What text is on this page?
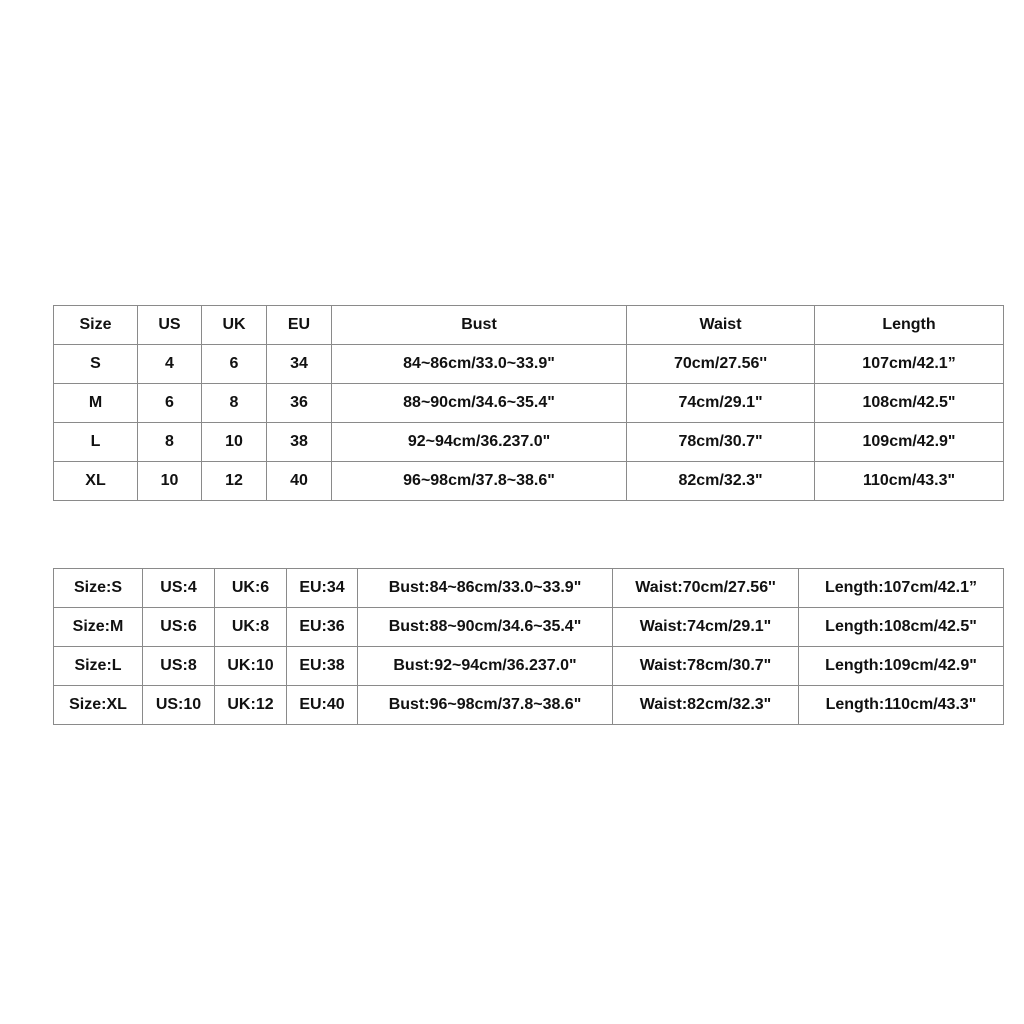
Size	US	UK	EU	Bust	Waist	Length
S	4	6	34	84~86cm/33.0~33.9"	70cm/27.56''	107cm/42.1”
M	6	8	36	88~90cm/34.6~35.4"	74cm/29.1"	108cm/42.5"
L	8	10	38	92~94cm/36.237.0"	78cm/30.7"	109cm/42.9"
XL	10	12	40	96~98cm/37.8~38.6"	82cm/32.3"	110cm/43.3"
Size:S	US:4	UK:6	EU:34	Bust:84~86cm/33.0~33.9"	Waist:70cm/27.56''	Length:107cm/42.1”
Size:M	US:6	UK:8	EU:36	Bust:88~90cm/34.6~35.4"	Waist:74cm/29.1"	Length:108cm/42.5"
Size:L	US:8	UK:10	EU:38	Bust:92~94cm/36.237.0"	Waist:78cm/30.7"	Length:109cm/42.9"
Size:XL	US:10	UK:12	EU:40	Bust:96~98cm/37.8~38.6"	Waist:82cm/32.3"	Length:110cm/43.3"
